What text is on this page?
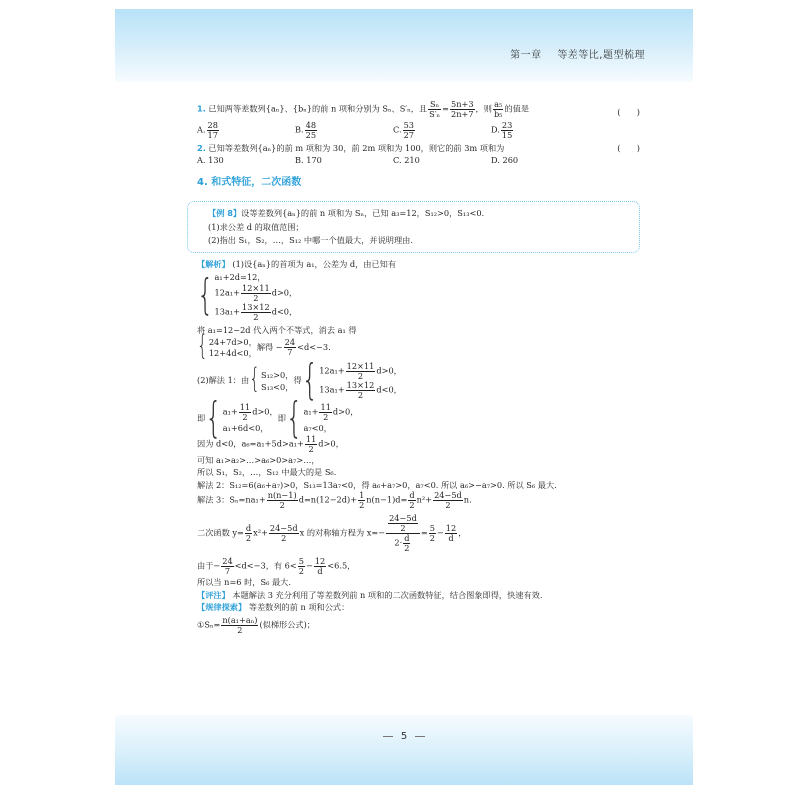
第一章 等差等比,题型梳理
1. 已知两等差数列{aₙ}、{bₙ}的前 n 项和分别为 Sₙ、S′ₙ，且 $\frac{\text{Sₙ}}{\text{S′ₙ}} = \frac{5n+3}{2n+7}$ ，则 $\frac{\text{a₅}}{\text{b₅}}$ 的值是	(　　)
A. $\frac{28}{17}$	B. $\frac{48}{25}$	C. $\frac{53}{27}$	D. $\frac{23}{15}$
2. 已知等差数列{aₙ}的前 m 项和为 30，前 2m 项和为 100，则它的前 3m 项和为	(　　)
A. 130	B. 170	C. 210	D. 260
4. 和式特征，二次函数
【例 8】设等差数列{aₙ}的前 n 项和为 Sₙ，已知 a₃=12，S₁₂>0，S₁₃<0.
(1)求公差 d 的取值范围；
(2)指出 S₁，S₂，…，S₁₂ 中哪一个值最大，并说明理由.
【解析】 (1)设{aₙ}的首项为 a₁，公差为 d，由已知有
{ a₁+2d=12，
$12a_1+ \frac{12\times 11}{2} d>0$，
$13a_1+ \frac{13\times 12}{2} d<0$，
将 a₁=12−2d 代入两个不等式，消去 a₁ 得
{ 24+7d>0，
12+4d<0，
解得 − $\frac{24}{7} <d<-3$.
(2)解法 1：由 { S₁₂>0，
S₁₃<0，
得 { $12a_1+ \frac{12\times 11}{2} d>0$，
$13a_1+ \frac{13\times 12}{2} d<0$，
即 { $a_1+ \frac{11}{2} d>0$，
a₁+6d<0，
即 { $a_1+ \frac{11}{2} d>0$，
a₇<0，
因为 d<0，$a_6=a_1+5d>a_1+ \frac{11}{2} d>0$，
可知 a₁>a₂>…>a₆>0>a₇>…，
所以 S₁，S₂，…，S₁₂ 中最大的是 S₆.
解法 2：S₁₂=6(a₆+a₇)>0，S₁₃=13a₇<0，得 a₆+a₇>0，a₇<0. 所以 a₆>−a₇>0. 所以 S₆ 最大.
解法 3：$S_n=na_1+ \frac{n(n-1)}{2} d=n(12-2d)+ \frac{1}{2} n(n-1)d= \frac{d}{2} n^2+ \frac{24-5d}{2} n$.
二次函数 $y= \frac{d}{2} x^2+ \frac{24-5d}{2}$ x 的对称轴方程为 $x=- \frac{\frac{24-5d}{2}}{2\cdot \frac{d}{2}} = \frac{5}{2} - \frac{12}{d}$ ，
由于− $\frac{24}{7} <d<-3$，有 $6< \frac{5}{2} - \frac{12}{d} <6.5$，
所以当 n=6 时，S₆ 最大.
【评注】 本题解法 3 充分利用了等差数列前 n 项和的二次函数特征，结合图象即得，快速有效.
【规律探索】 等差数列的前 n 项和公式：
①Sₙ= $\frac{\text{n(a₁+aₙ)}}{2}$ (似梯形公式)；
5
